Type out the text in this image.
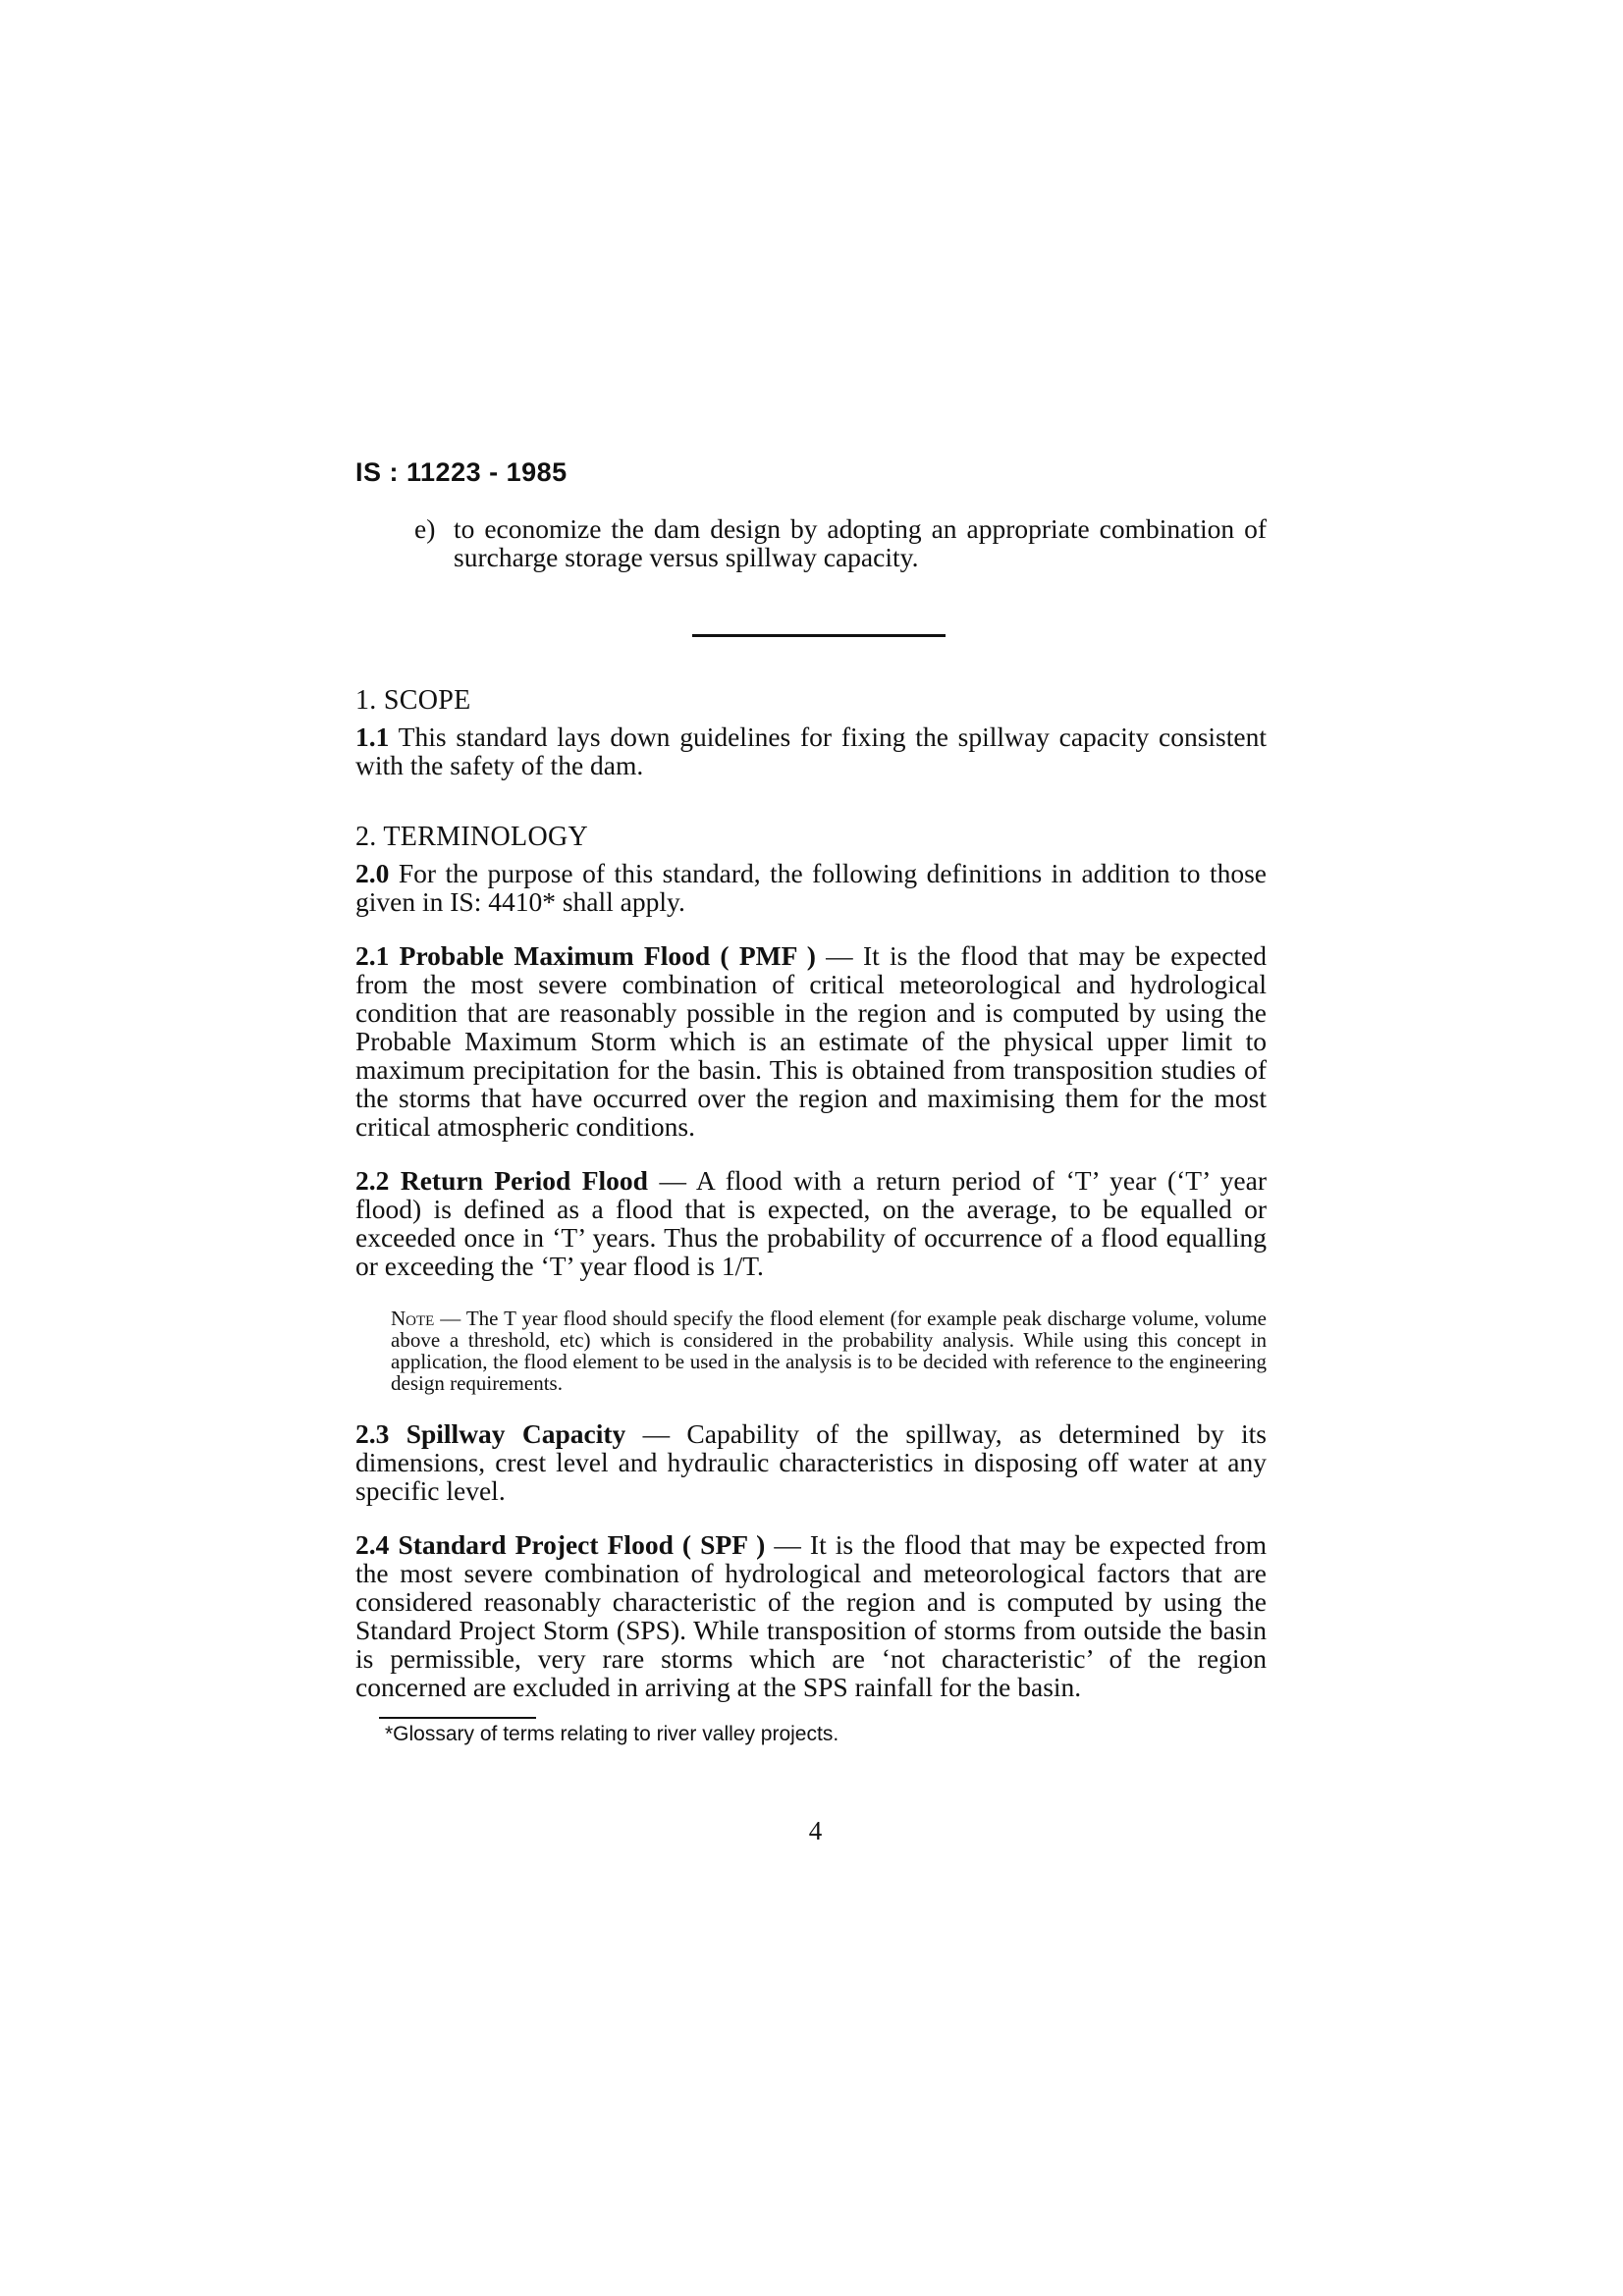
IS : 11223 - 1985
e) to economize the dam design by adopting an appropriate combination of surcharge storage versus spillway capacity.
1. SCOPE

1.1 This standard lays down guidelines for fixing the spillway capacity consistent with the safety of the dam.

2. TERMINOLOGY

2.0 For the purpose of this standard, the following definitions in addition to those given in IS: 4410* shall apply.

2.1 Probable Maximum Flood ( PMF ) — It is the flood that may be expected from the most severe combination of critical meteorological and hydrological condition that are reasonably possible in the region and is computed by using the Probable Maximum Storm which is an estimate of the physical upper limit to maximum precipitation for the basin. This is obtained from transposition studies of the storms that have occurred over the region and maximising them for the most critical atmospheric conditions.

2.2 Return Period Flood — A flood with a return period of ‘T’ year (‘T’ year flood) is defined as a flood that is expected, on the average, to be equalled or exceeded once in ‘T’ years. Thus the probability of occurrence of a flood equalling or exceeding the ‘T’ year flood is 1/T.

Note — The T year flood should specify the flood element (for example peak discharge volume, volume above a threshold, etc) which is considered in the probability analysis. While using this concept in application, the flood element to be used in the analysis is to be decided with reference to the engineering design requirements.

2.3 Spillway Capacity — Capability of the spillway, as determined by its dimensions, crest level and hydraulic characteristics in disposing off water at any specific level.

2.4 Standard Project Flood ( SPF ) — It is the flood that may be expected from the most severe combination of hydrological and meteorological factors that are considered reasonably characteristic of the region and is computed by using the Standard Project Storm (SPS). While transposition of storms from outside the basin is permissible, very rare storms which are ‘not characteristic’ of the region concerned are excluded in arriving at the SPS rainfall for the basin.

*Glossary of terms relating to river valley projects.
4
